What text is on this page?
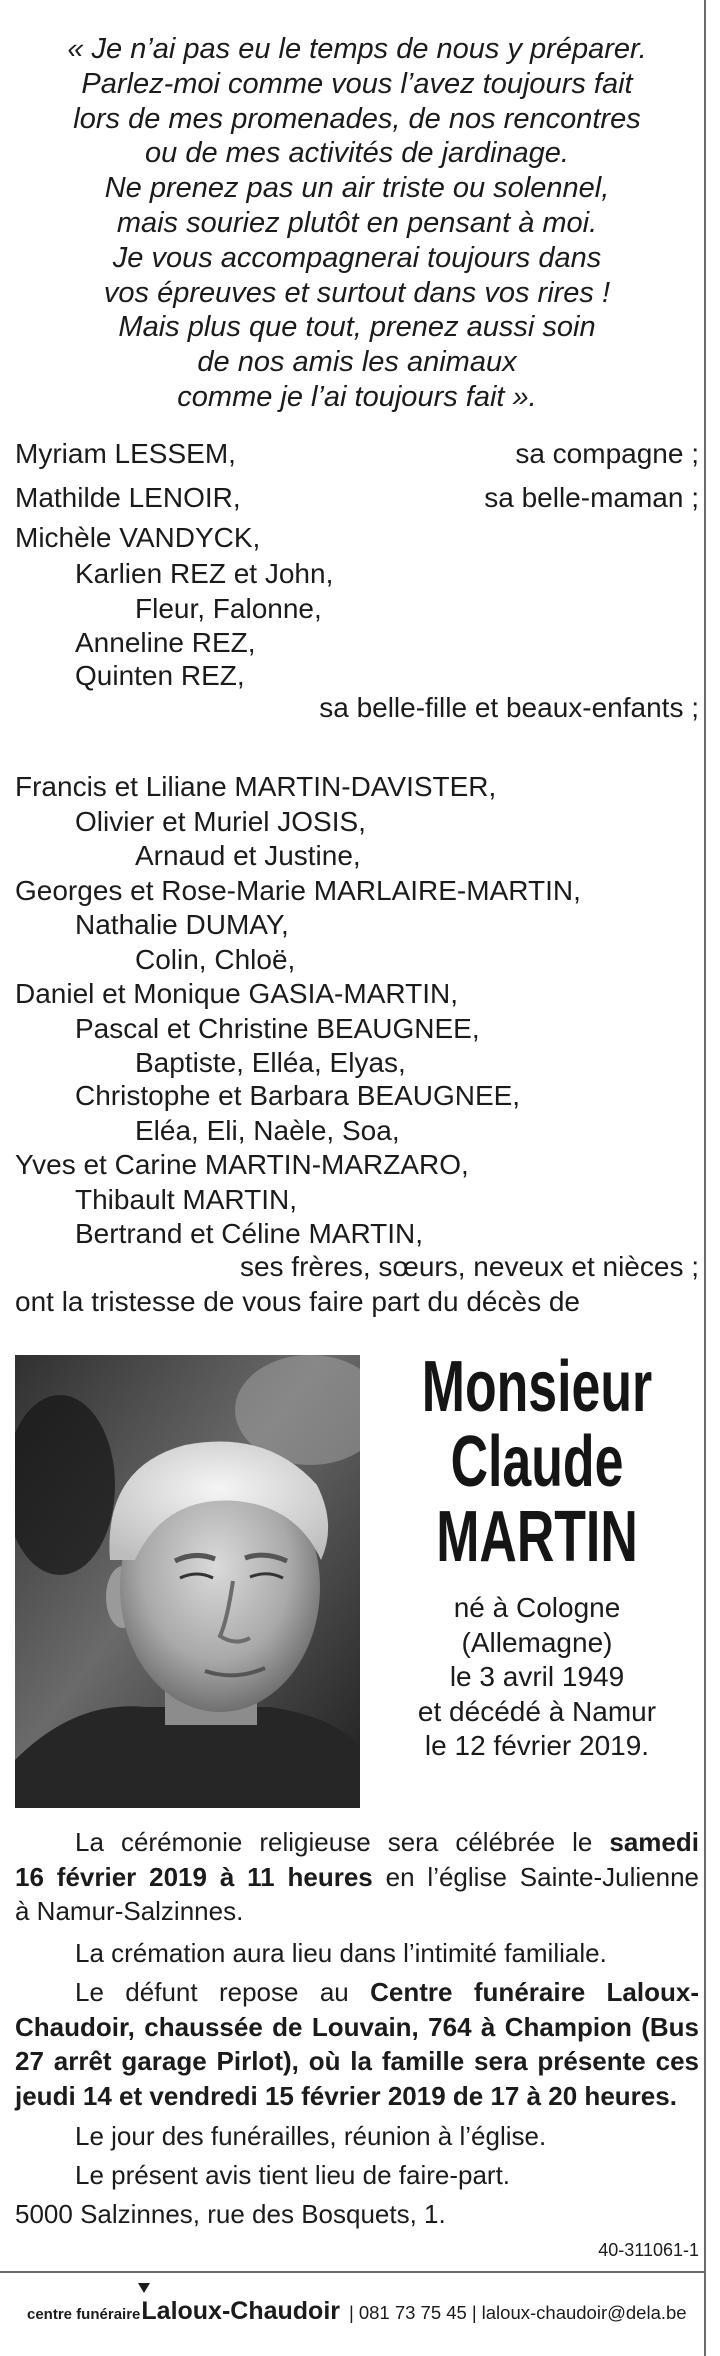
« Je n’ai pas eu le temps de nous y préparer.
Parlez-moi comme vous l’avez toujours fait
lors de mes promenades, de nos rencontres
ou de mes activités de jardinage.
Ne prenez pas un air triste ou solennel,
mais souriez plutôt en pensant à moi.
Je vous accompagnerai toujours dans
vos épreuves et surtout dans vos rires !
Mais plus que tout, prenez aussi soin
de nos amis les animaux
comme je l’ai toujours fait ».
Myriam LESSEM,	sa compagne ;
Mathilde LENOIR,	sa belle-maman ;
Michèle VANDYCK,
Karlien REZ et John,
Fleur, Falonne,
Anneline REZ,
Quinten REZ,
sa belle-fille et beaux-enfants ;
Francis et Liliane MARTIN-DAVISTER,
Olivier et Muriel JOSIS,
Arnaud et Justine,
Georges et Rose-Marie MARLAIRE-MARTIN,
Nathalie DUMAY,
Colin, Chloë,
Daniel et Monique GASIA-MARTIN,
Pascal et Christine BEAUGNEE,
Baptiste, Elléa, Elyas,
Christophe et Barbara BEAUGNEE,
Eléa, Eli, Naèle, Soa,
Yves et Carine MARTIN-MARZARO,
Thibault MARTIN,
Bertrand et Céline MARTIN,
ses frères, sœurs, neveux et nièces ;
ont la tristesse de vous faire part du décès de
Monsieur
Claude
MARTIN
né à Cologne
(Allemagne)
le 3 avril 1949
et décédé à Namur
le 12 février 2019.
La cérémonie religieuse sera célébrée le samedi
16 février 2019 à 11 heures en l’église Sainte-Julienne
à Namur-Salzinnes.
La crémation aura lieu dans l’intimité familiale.
Le défunt repose au Centre funéraire Laloux-
Chaudoir, chaussée de Louvain, 764 à Champion (Bus
27 arrêt garage Pirlot), où la famille sera présente ces
jeudi 14 et vendredi 15 février 2019 de 17 à 20 heures.
Le jour des funérailles, réunion à l’église.
Le présent avis tient lieu de faire-part.
5000 Salzinnes, rue des Bosquets, 1.
40-311061-1
centre funéraire Laloux-Chaudoir | 081 73 75 45 | laloux-chaudoir@dela.be
